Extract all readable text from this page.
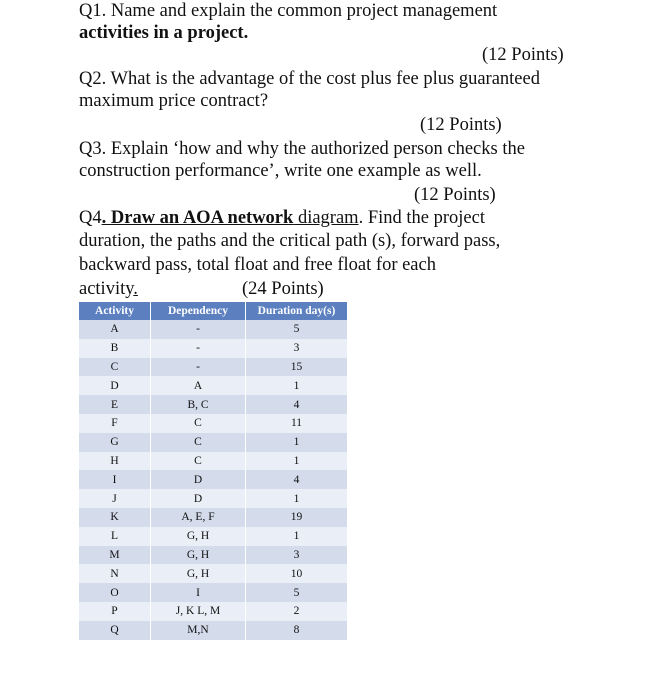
Q1. Name and explain the common project management
activities in a project.
(12 Points)
Q2. What is the advantage of the cost plus fee plus guaranteed
maximum price contract?
(12 Points)
Q3. Explain ‘how and why the authorized person checks the
construction performance’, write one example as well.
(12 Points)
Q4. Draw an AOA network diagram. Find the project
duration, the paths and the critical path (s), forward pass,
backward pass, total float and free float for each
activity.	(24 Points)
Activity	Dependency	Duration day(s)
A	-	5
B	-	3
C	-	15
D	A	1
E	B, C	4
F	C	11
G	C	1
H	C	1
I	D	4
J	D	1
K	A, E, F	19
L	G, H	1
M	G, H	3
N	G, H	10
O	I	5
P	J, K L, M	2
Q	M,N	8
